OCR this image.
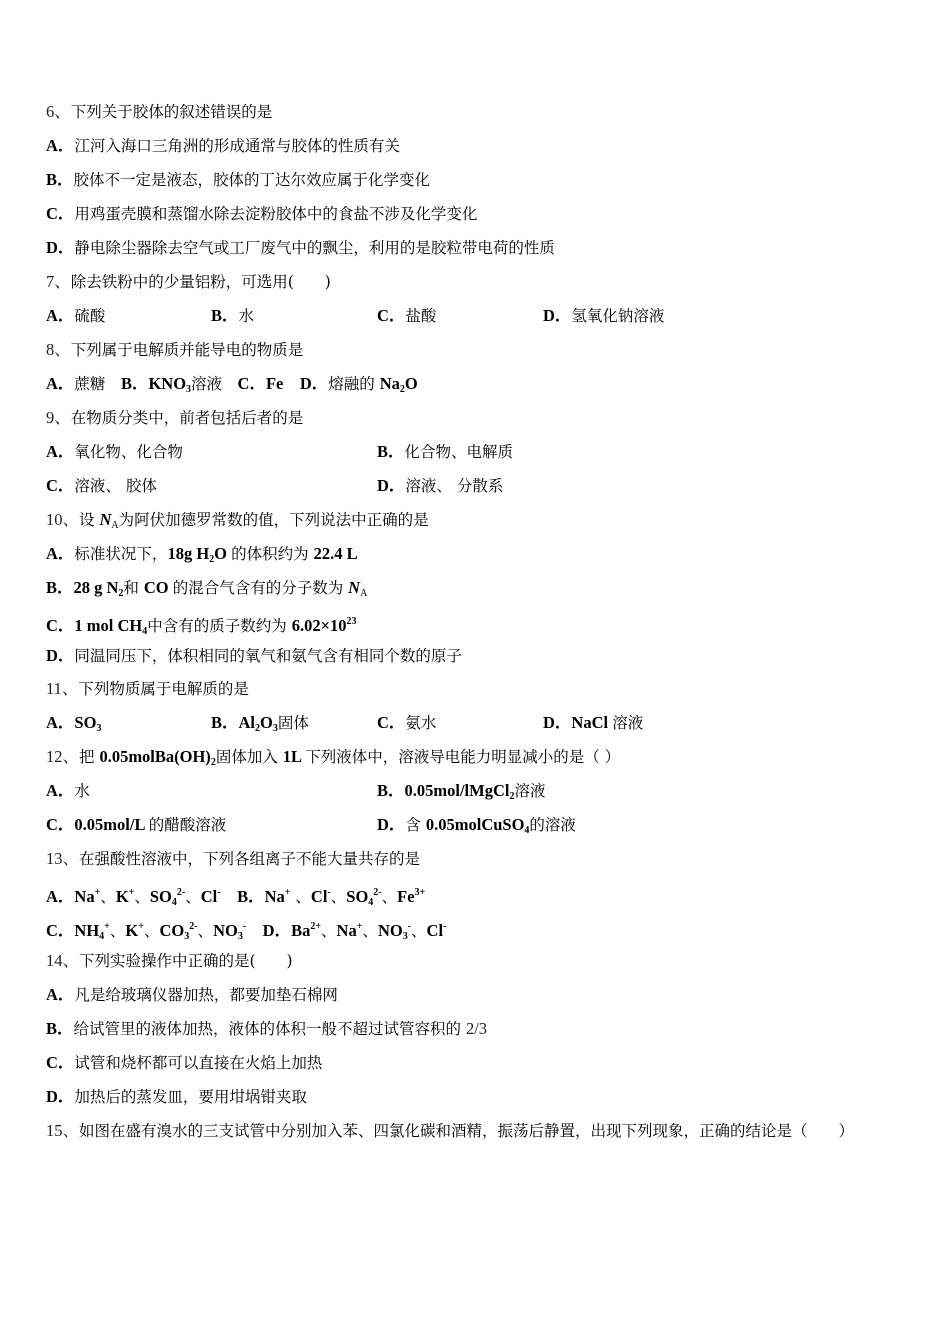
6、下列关于胶体的叙述错误的是
A．江河入海口三角洲的形成通常与胶体的性质有关
B．胶体不一定是液态，胶体的丁达尔效应属于化学变化
C．用鸡蛋壳膜和蒸馏水除去淀粉胶体中的食盐不涉及化学变化
D．静电除尘器除去空气或工厂废气中的飘尘，利用的是胶粒带电荷的性质
7、除去铁粉中的少量铝粉，可选用(　　)
A．硫酸	B．水	C．盐酸	D．氢氧化钠溶液
8、下列属于电解质并能导电的物质是
A．蔗糖　B．$KNO_3$溶液　C．Fe　D．熔融的 $Na_2O$
9、在物质分类中，前者包括后者的是
A．氧化物、化合物	B．化合物、电解质
C．溶液、 胶体	D．溶液、 分散系
10、设 NA为阿伏加德罗常数的值，下列说法中正确的是
A．标准状况下，18g $H_2O$ 的体积约为 22.4 L
B．28 g $N_2$和 CO 的混合气含有的分子数为 NA
C．1 mol $CH_4$中含有的质子数约为 $6.02\times 10^{23}$
D．同温同压下，体积相同的氧气和氨气含有相同个数的原子
11、下列物质属于电解质的是
A．$SO_3$	B．$Al_2O_3$固体	C．氨水	D．NaCl 溶液
12、把 $0.05molBa(OH)_2$固体加入 1L 下列液体中，溶液导电能力明显减小的是（ ）
A．水	B．0.05mol/lMgCl$_2$溶液
C．0.05mol/L 的醋酸溶液	D．含 0.05molCuSO$_4$的溶液
13、在强酸性溶液中，下列各组离子不能大量共存的是
A．Na+、K+、$SO_4^{2-}$、Cl-　B．Na+ 、Cl-、$SO_4^{2-}$、$Fe^{3+}$
C．$NH_4^+$、K+、$CO_3^{2-}$、$NO_3^-$　D．$Ba^{2+}$、Na+、$NO_3^-$、Cl-
14、下列实验操作中正确的是(　　)
A．凡是给玻璃仪器加热，都要加垫石棉网
B．给试管里的液体加热，液体的体积一般不超过试管容积的 2/3
C．试管和烧杯都可以直接在火焰上加热
D．加热后的蒸发皿，要用坩埚钳夹取
15、如图在盛有溴水的三支试管中分别加入苯、四氯化碳和酒精，振荡后静置，出现下列现象，正确的结论是（　　）
